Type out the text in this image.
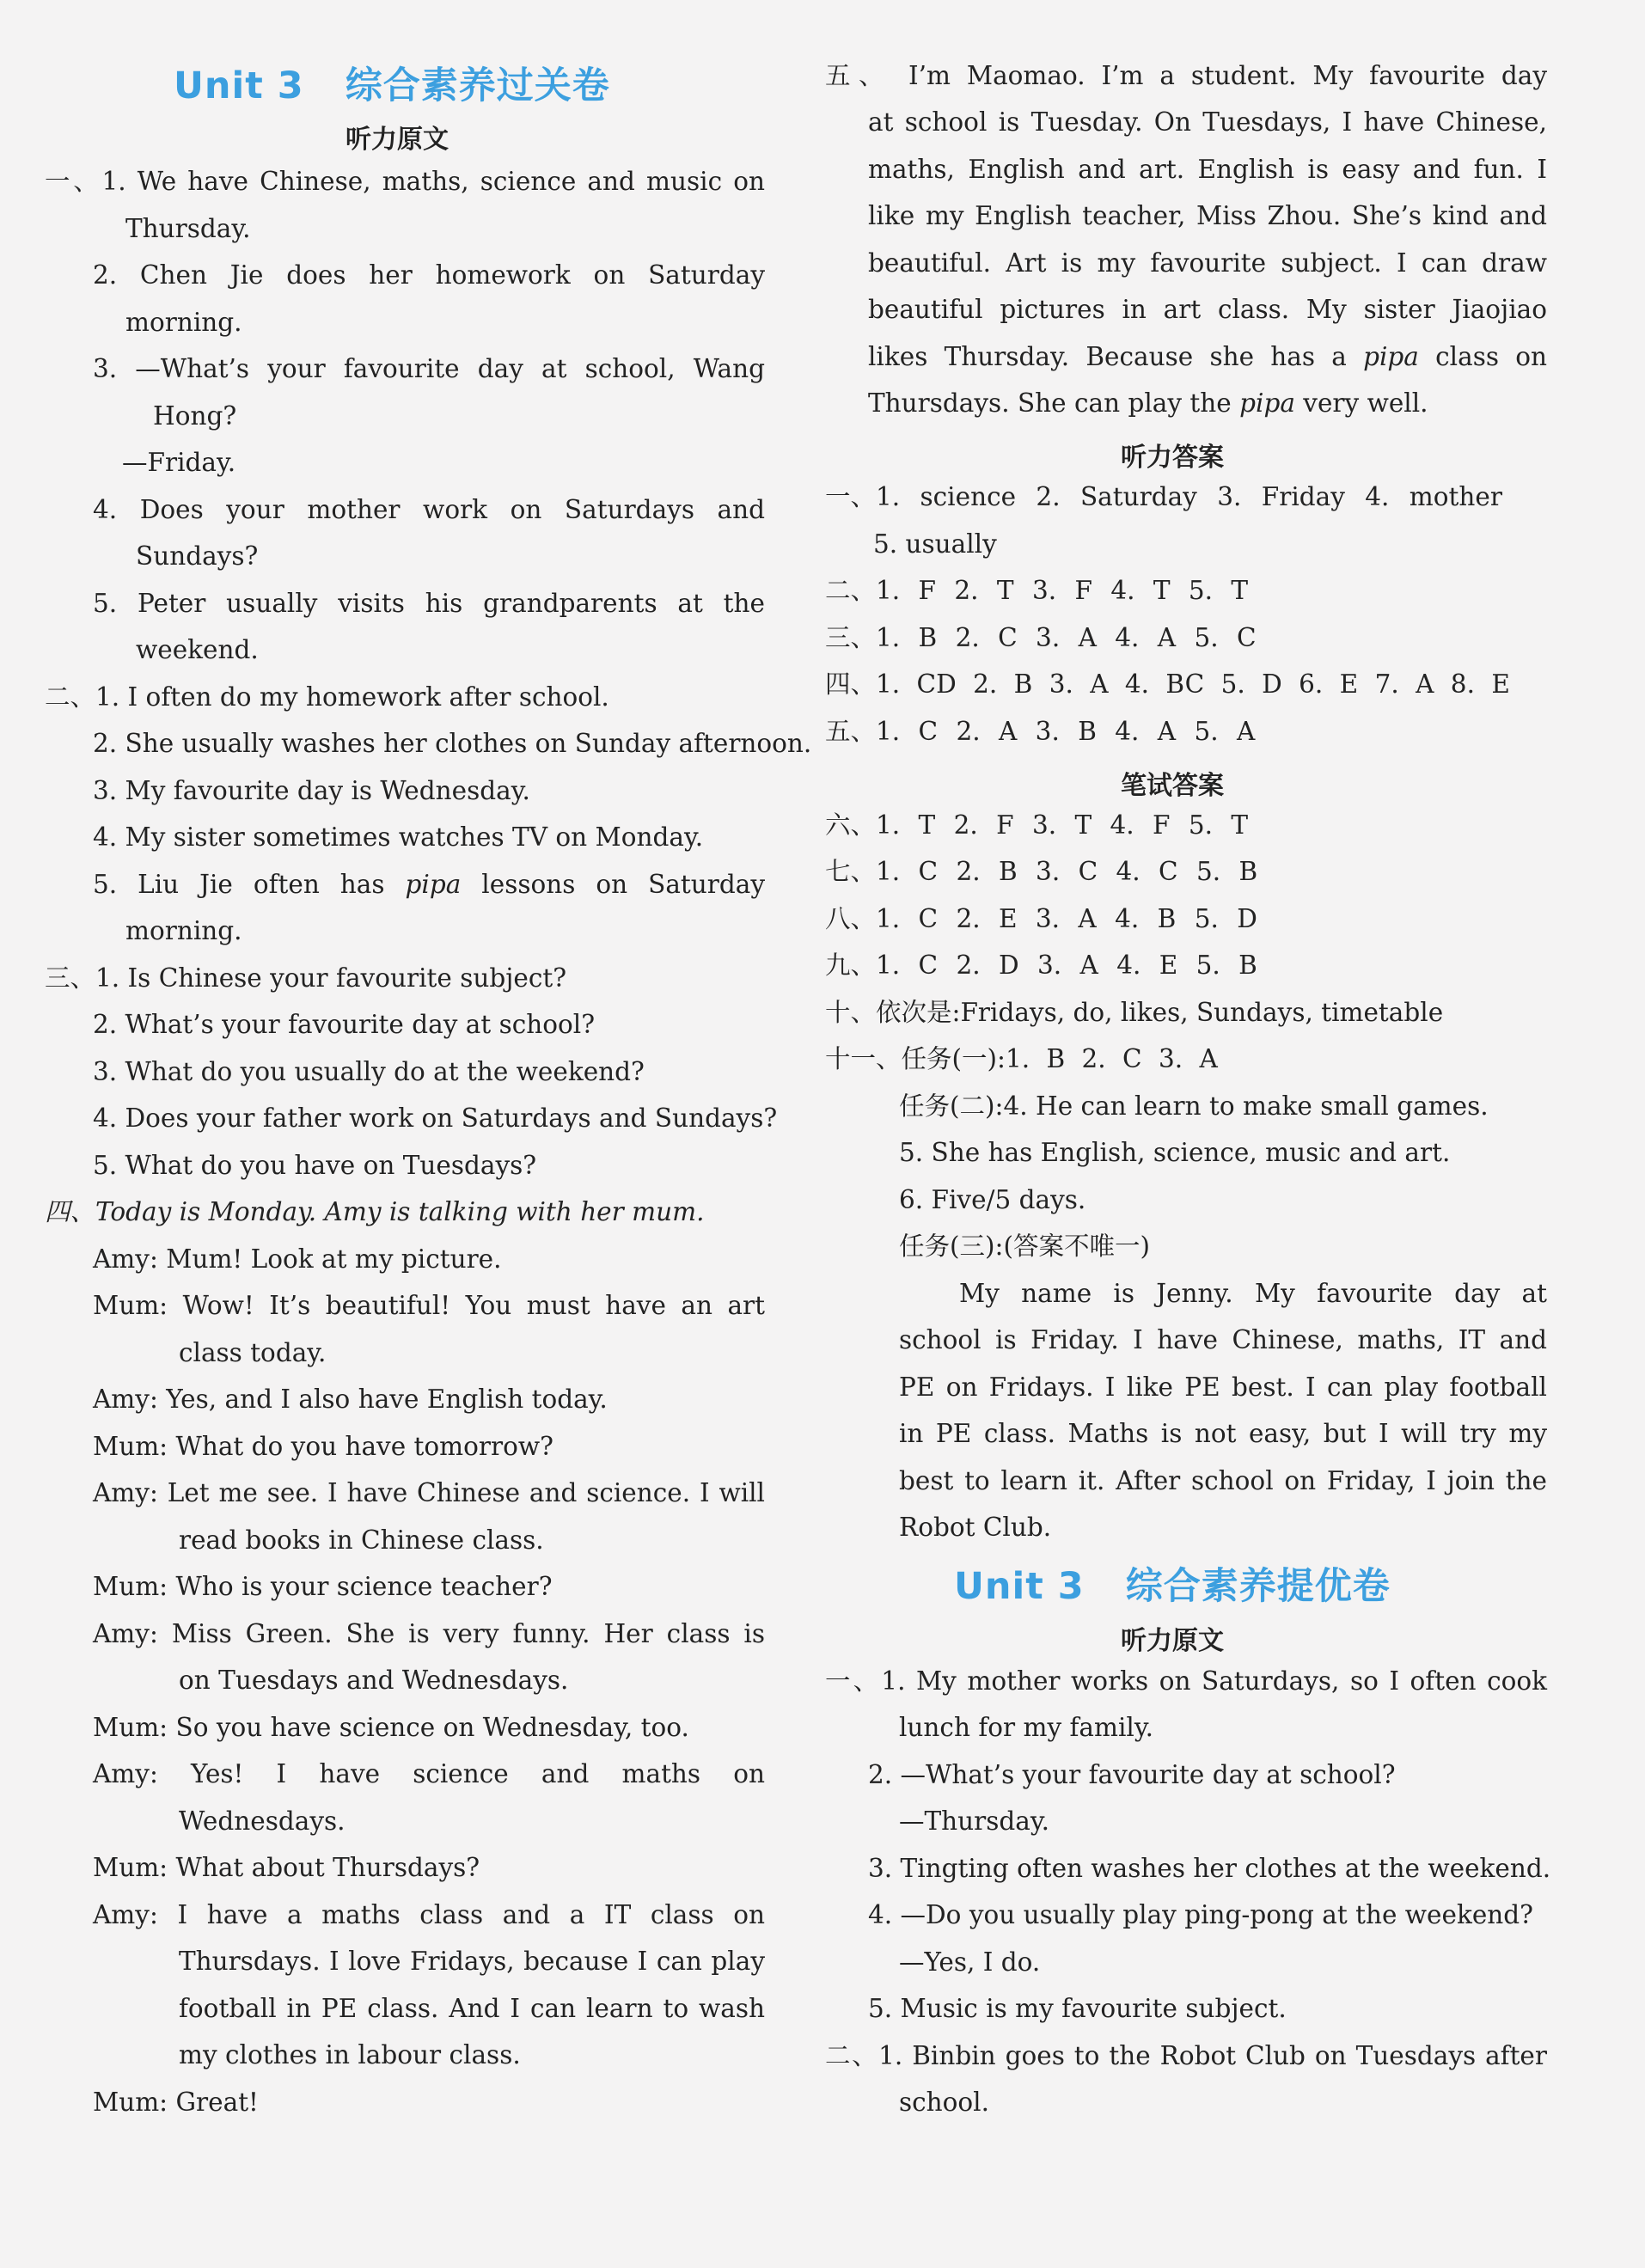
Unit 3 综合素养过关卷
听力原文
一、1. We have Chinese, maths, science and music on
Thursday.
2. Chen Jie does her homework on Saturday
morning.
3. —What’s your favourite day at school, Wang
Hong?
—Friday.
4. Does your mother work on Saturdays and
Sundays?
5. Peter usually visits his grandparents at the
weekend.
二、1. I often do my homework after school.
2. She usually washes her clothes on Sunday afternoon.
3. My favourite day is Wednesday.
4. My sister sometimes watches TV on Monday.
5. Liu Jie often has pipa lessons on Saturday
morning.
三、1. Is Chinese your favourite subject?
2. What’s your favourite day at school?
3. What do you usually do at the weekend?
4. Does your father work on Saturdays and Sundays?
5. What do you have on Tuesdays?
四、Today is Monday. Amy is talking with her mum.
Amy: Mum! Look at my picture.
Mum: Wow! It’s beautiful! You must have an art
class today.
Amy: Yes, and I also have English today.
Mum: What do you have tomorrow?
Amy: Let me see. I have Chinese and science. I will
read books in Chinese class.
Mum: Who is your science teacher?
Amy: Miss Green. She is very funny. Her class is
on Tuesdays and Wednesdays.
Mum: So you have science on Wednesday, too.
Amy: Yes! I have science and maths on
Wednesdays.
Mum: What about Thursdays?
Amy: I have a maths class and a IT class on
Thursdays. I love Fridays, because I can play
football in PE class. And I can learn to wash
my clothes in labour class.
Mum: Great!
五、 I’m Maomao. I’m a student. My favourite day
at school is Tuesday. On Tuesdays, I have Chinese,
maths, English and art. English is easy and fun. I
like my English teacher, Miss Zhou. She’s kind and
beautiful. Art is my favourite subject. I can draw
beautiful pictures in art class. My sister Jiaojiao
likes Thursday. Because she has a pipa class on
Thursdays. She can play the pipa very well.
听力答案
一、1. science 2. Saturday 3. Friday 4. mother
5. usually
二、1. F 2. T 3. F 4. T 5. T
三、1. B 2. C 3. A 4. A 5. C
四、1. CD 2. B 3. A 4. BC 5. D 6. E 7. A 8. E
五、1. C 2. A 3. B 4. A 5. A
笔试答案
六、1. T 2. F 3. T 4. F 5. T
七、1. C 2. B 3. C 4. C 5. B
八、1. C 2. E 3. A 4. B 5. D
九、1. C 2. D 3. A 4. E 5. B
十、依次是:Fridays, do, likes, Sundays, timetable
十一、任务(一):1. B 2. C 3. A
任务(二):4. He can learn to make small games.
5. She has English, science, music and art.
6. Five/5 days.
任务(三):(答案不唯一)
My name is Jenny. My favourite day at
school is Friday. I have Chinese, maths, IT and
PE on Fridays. I like PE best. I can play football
in PE class. Maths is not easy, but I will try my
best to learn it. After school on Friday, I join the
Robot Club.
Unit 3 综合素养提优卷
听力原文
一、1. My mother works on Saturdays, so I often cook
lunch for my family.
2. —What’s your favourite day at school?
—Thursday.
3. Tingting often washes her clothes at the weekend.
4. —Do you usually play ping-pong at the weekend?
—Yes, I do.
5. Music is my favourite subject.
二、1. Binbin goes to the Robot Club on Tuesdays after
school.
